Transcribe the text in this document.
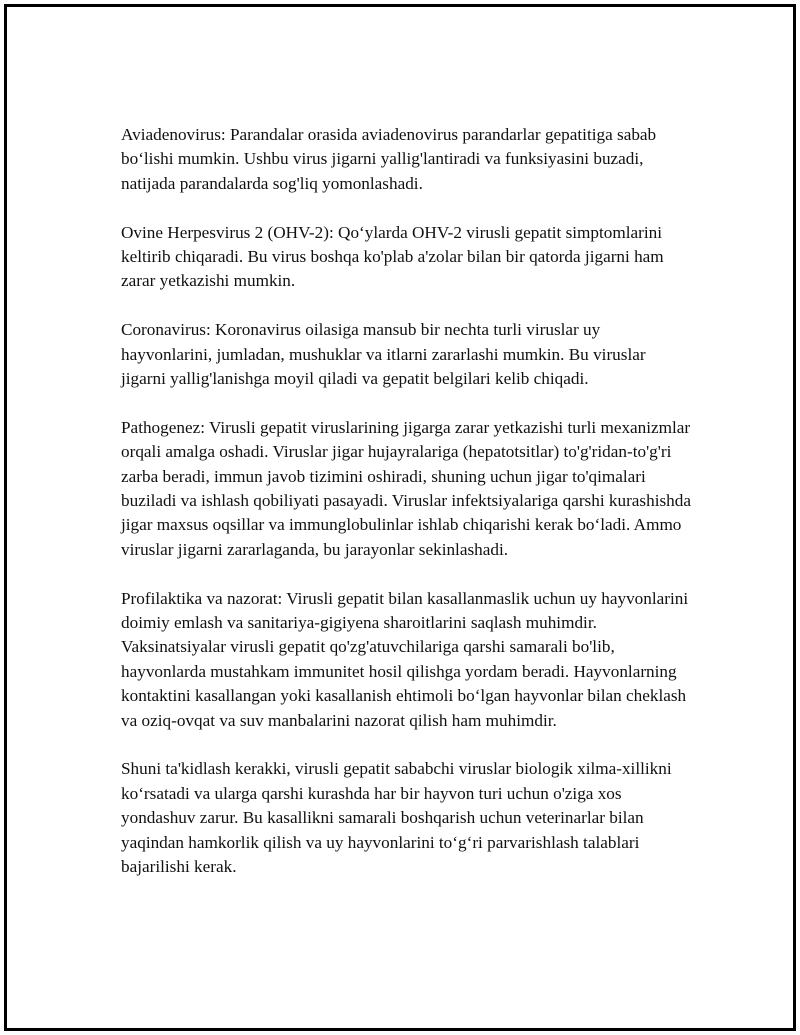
Aviadenovirus: Parandalar orasida aviadenovirus parandarlar gepatitiga sabab bo‘lishi mumkin. Ushbu virus jigarni yallig'lantiradi va funksiyasini buzadi, natijada parandalarda sog'liq yomonlashadi.

Ovine Herpesvirus 2 (OHV-2): Qo‘ylarda OHV-2 virusli gepatit simptomlarini keltirib chiqaradi. Bu virus boshqa ko'plab a'zolar bilan bir qatorda jigarni ham zarar yetkazishi mumkin.

Coronavirus: Koronavirus oilasiga mansub bir nechta turli viruslar uy hayvonlarini, jumladan, mushuklar va itlarni zararlashi mumkin. Bu viruslar jigarni yallig'lanishga moyil qiladi va gepatit belgilari kelib chiqadi.

Pathogenez: Virusli gepatit viruslarining jigarga zarar yetkazishi turli mexanizmlar orqali amalga oshadi. Viruslar jigar hujayralariga (hepatotsitlar) to'g'ridan-to'g'ri zarba beradi, immun javob tizimini oshiradi, shuning uchun jigar to'qimalari buziladi va ishlash qobiliyati pasayadi. Viruslar infektsiyalariga qarshi kurashishda jigar maxsus oqsillar va immunglobulinlar ishlab chiqarishi kerak bo‘ladi. Ammo viruslar jigarni zararlaganda, bu jarayonlar sekinlashadi.

Profilaktika va nazorat: Virusli gepatit bilan kasallanmaslik uchun uy hayvonlarini doimiy emlash va sanitariya-gigiyena sharoitlarini saqlash muhimdir. Vaksinatsiyalar virusli gepatit qo'zg'atuvchilariga qarshi samarali bo'lib, hayvonlarda mustahkam immunitet hosil qilishga yordam beradi. Hayvonlarning kontaktini kasallangan yoki kasallanish ehtimoli bo‘lgan hayvonlar bilan cheklash va oziq-ovqat va suv manbalarini nazorat qilish ham muhimdir.

Shuni ta'kidlash kerakki, virusli gepatit sababchi viruslar biologik xilma-xillikni ko‘rsatadi va ularga qarshi kurashda har bir hayvon turi uchun o'ziga xos yondashuv zarur. Bu kasallikni samarali boshqarish uchun veterinarlar bilan yaqindan hamkorlik qilish va uy hayvonlarini to‘g‘ri parvarishlash talablari bajarilishi kerak.
